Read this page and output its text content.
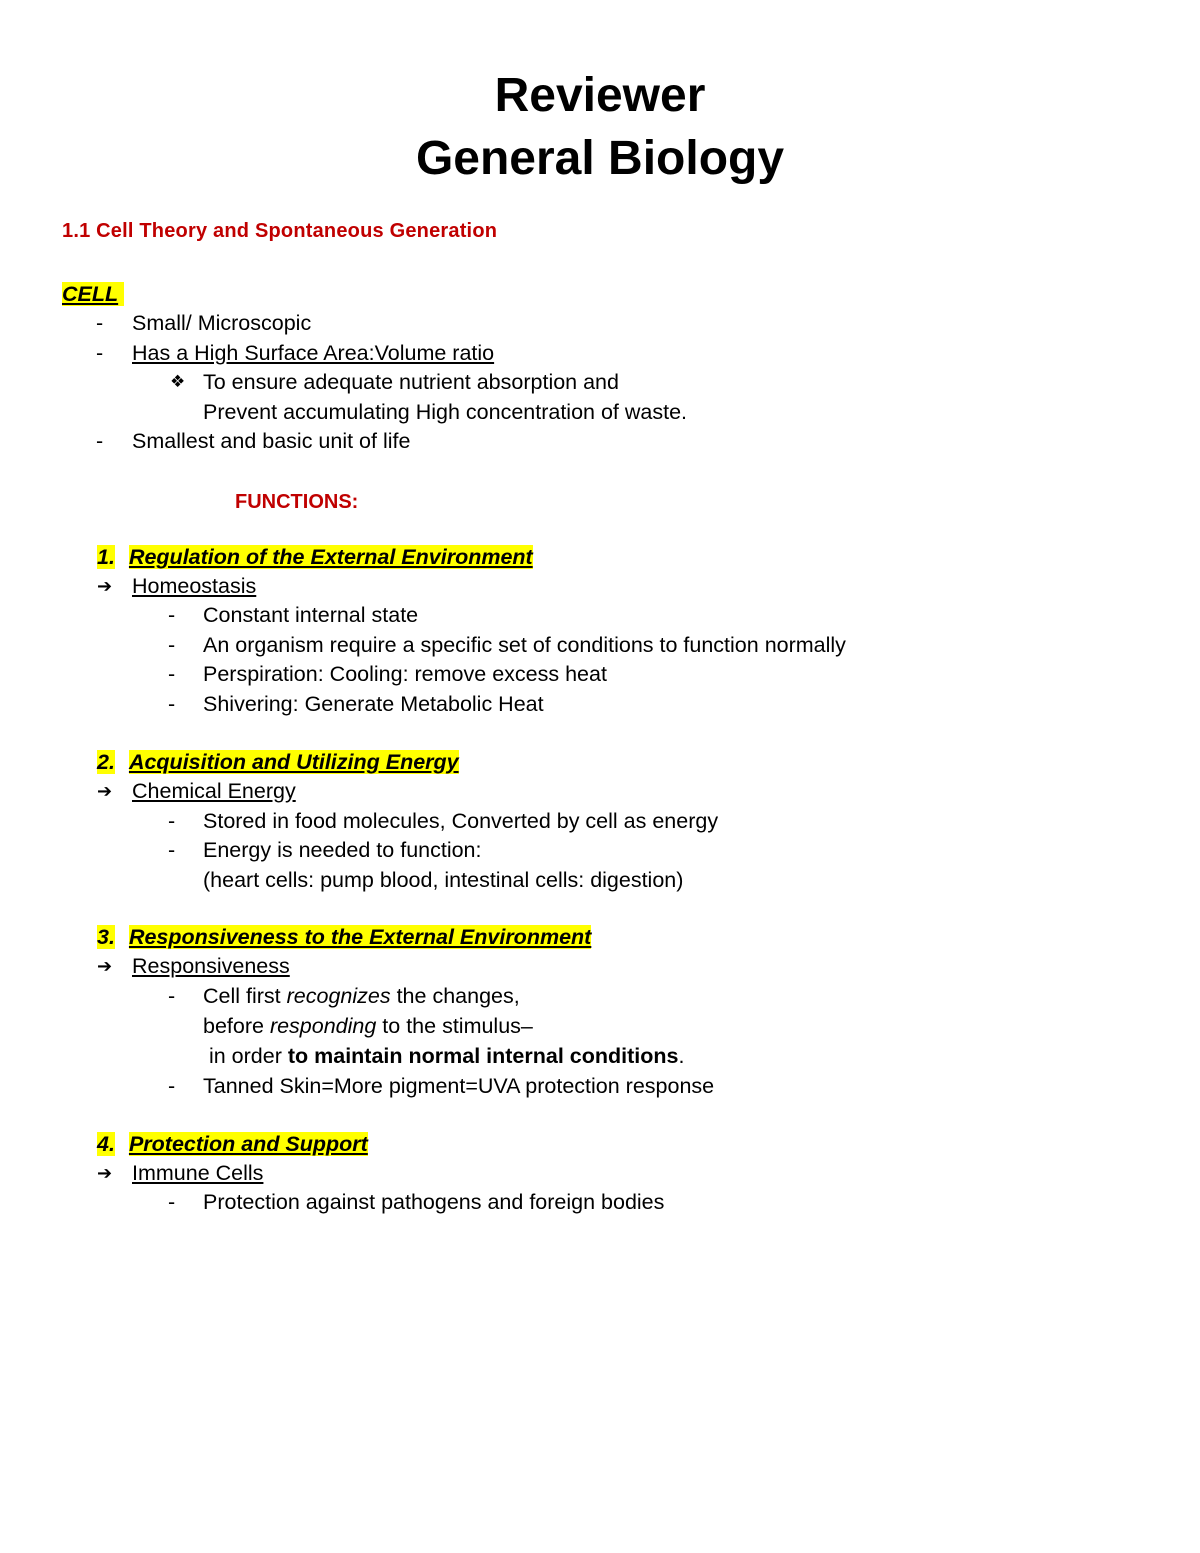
Reviewer
General Biology
1.1 Cell Theory and Spontaneous Generation
CELL
- Small/ Microscopic
- Has a High Surface Area:Volume ratio
❖ To ensure adequate nutrient absorption and
Prevent accumulating High concentration of waste.
- Smallest and basic unit of life
FUNCTIONS:
1. Regulation of the External Environment
➔ Homeostasis
- Constant internal state
- An organism require a specific set of conditions to function normally
- Perspiration: Cooling: remove excess heat
- Shivering: Generate Metabolic Heat
2. Acquisition and Utilizing Energy
➔ Chemical Energy
- Stored in food molecules, Converted by cell as energy
- Energy is needed to function:
(heart cells: pump blood, intestinal cells: digestion)
3. Responsiveness to the External Environment
➔ Responsiveness
- Cell first recognizes the changes,
before responding to the stimulus–
in order to maintain normal internal conditions.
- Tanned Skin=More pigment=UVA protection response
4. Protection and Support
➔ Immune Cells
- Protection against pathogens and foreign bodies
